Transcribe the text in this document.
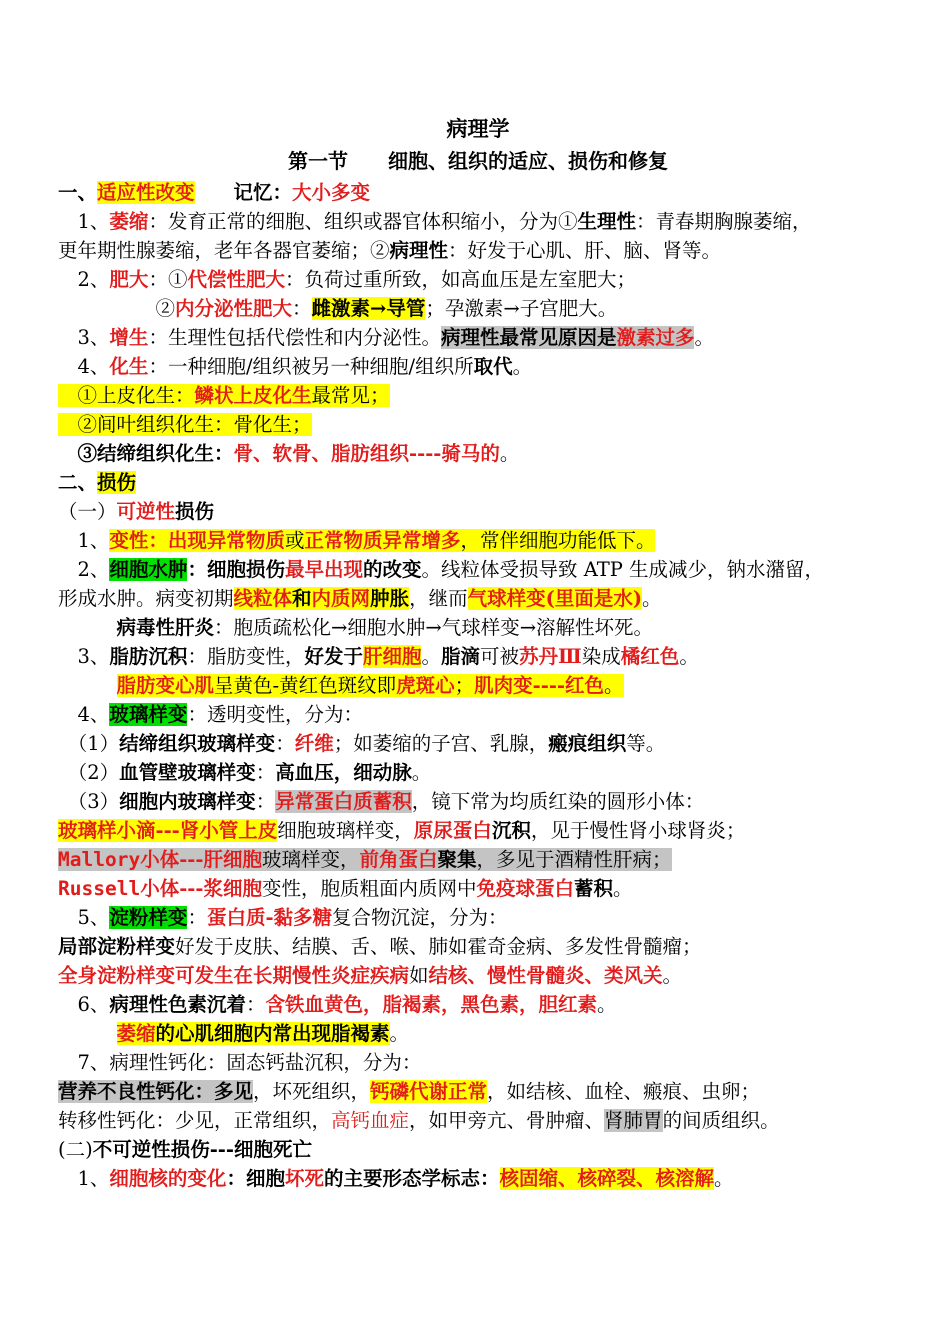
病理学
第一节　　细胞、组织的适应、损伤和修复
一、适应性改变　　记忆：大小多变
　1、萎缩：发育正常的细胞、组织或器官体积缩小，分为①生理性：青春期胸腺萎缩，
更年期性腺萎缩，老年各器官萎缩；②病理性：好发于心肌、肝、脑、肾等。
　2、肥大：①代偿性肥大：负荷过重所致，如高血压是左室肥大；
　　　　　②内分泌性肥大：雌激素→导管；孕激素→子宫肥大。
　3、增生：生理性包括代偿性和内分泌性。病理性最常见原因是激素过多。
　4、化生：一种细胞/组织被另一种细胞/组织所取代。
　①上皮化生：鳞状上皮化生最常见；
　②间叶组织化生：骨化生；
　③结缔组织化生：骨、软骨、脂肪组织----骑马的。
二、损伤
（一）可逆性损伤
　1、变性：出现异常物质或正常物质异常增多，常伴细胞功能低下。
　2、细胞水肿：细胞损伤最早出现的改变。线粒体受损导致 ATP 生成减少，钠水潴留，
形成水肿。病变初期线粒体和内质网肿胀，继而气球样变(里面是水)。
　　　病毒性肝炎：胞质疏松化→细胞水肿→气球样变→溶解性坏死。
　3、脂肪沉积：脂肪变性，好发于肝细胞。脂滴可被苏丹Ⅲ染成橘红色。
　　　脂肪变心肌呈黄色-黄红色斑纹即虎斑心；肌肉变----红色。
　4、玻璃样变：透明变性，分为：
　（1）结缔组织玻璃样变：纤维；如萎缩的子宫、乳腺，瘢痕组织等。
　（2）血管壁玻璃样变：高血压，细动脉。
　（3）细胞内玻璃样变：异常蛋白质蓄积，镜下常为均质红染的圆形小体：
玻璃样小滴---肾小管上皮细胞玻璃样变，原尿蛋白沉积，见于慢性肾小球肾炎；
Mallory小体---肝细胞玻璃样变，前角蛋白聚集，多见于酒精性肝病；
Russell小体---浆细胞变性，胞质粗面内质网中免疫球蛋白蓄积。
　5、淀粉样变：蛋白质-黏多糖复合物沉淀，分为：
局部淀粉样变好发于皮肤、结膜、舌、喉、肺如霍奇金病、多发性骨髓瘤；
全身淀粉样变可发生在长期慢性炎症疾病如结核、慢性骨髓炎、类风关。
　6、病理性色素沉着：含铁血黄色，脂褐素，黑色素，胆红素。
　　　萎缩的心肌细胞内常出现脂褐素。
　7、病理性钙化：固态钙盐沉积，分为：
营养不良性钙化：多见，坏死组织，钙磷代谢正常，如结核、血栓、瘢痕、虫卵；
转移性钙化：少见，正常组织，高钙血症，如甲旁亢、骨肿瘤、肾肺胃的间质组织。
(二)不可逆性损伤---细胞死亡
　1、细胞核的变化：细胞坏死的主要形态学标志：核固缩、核碎裂、核溶解。
